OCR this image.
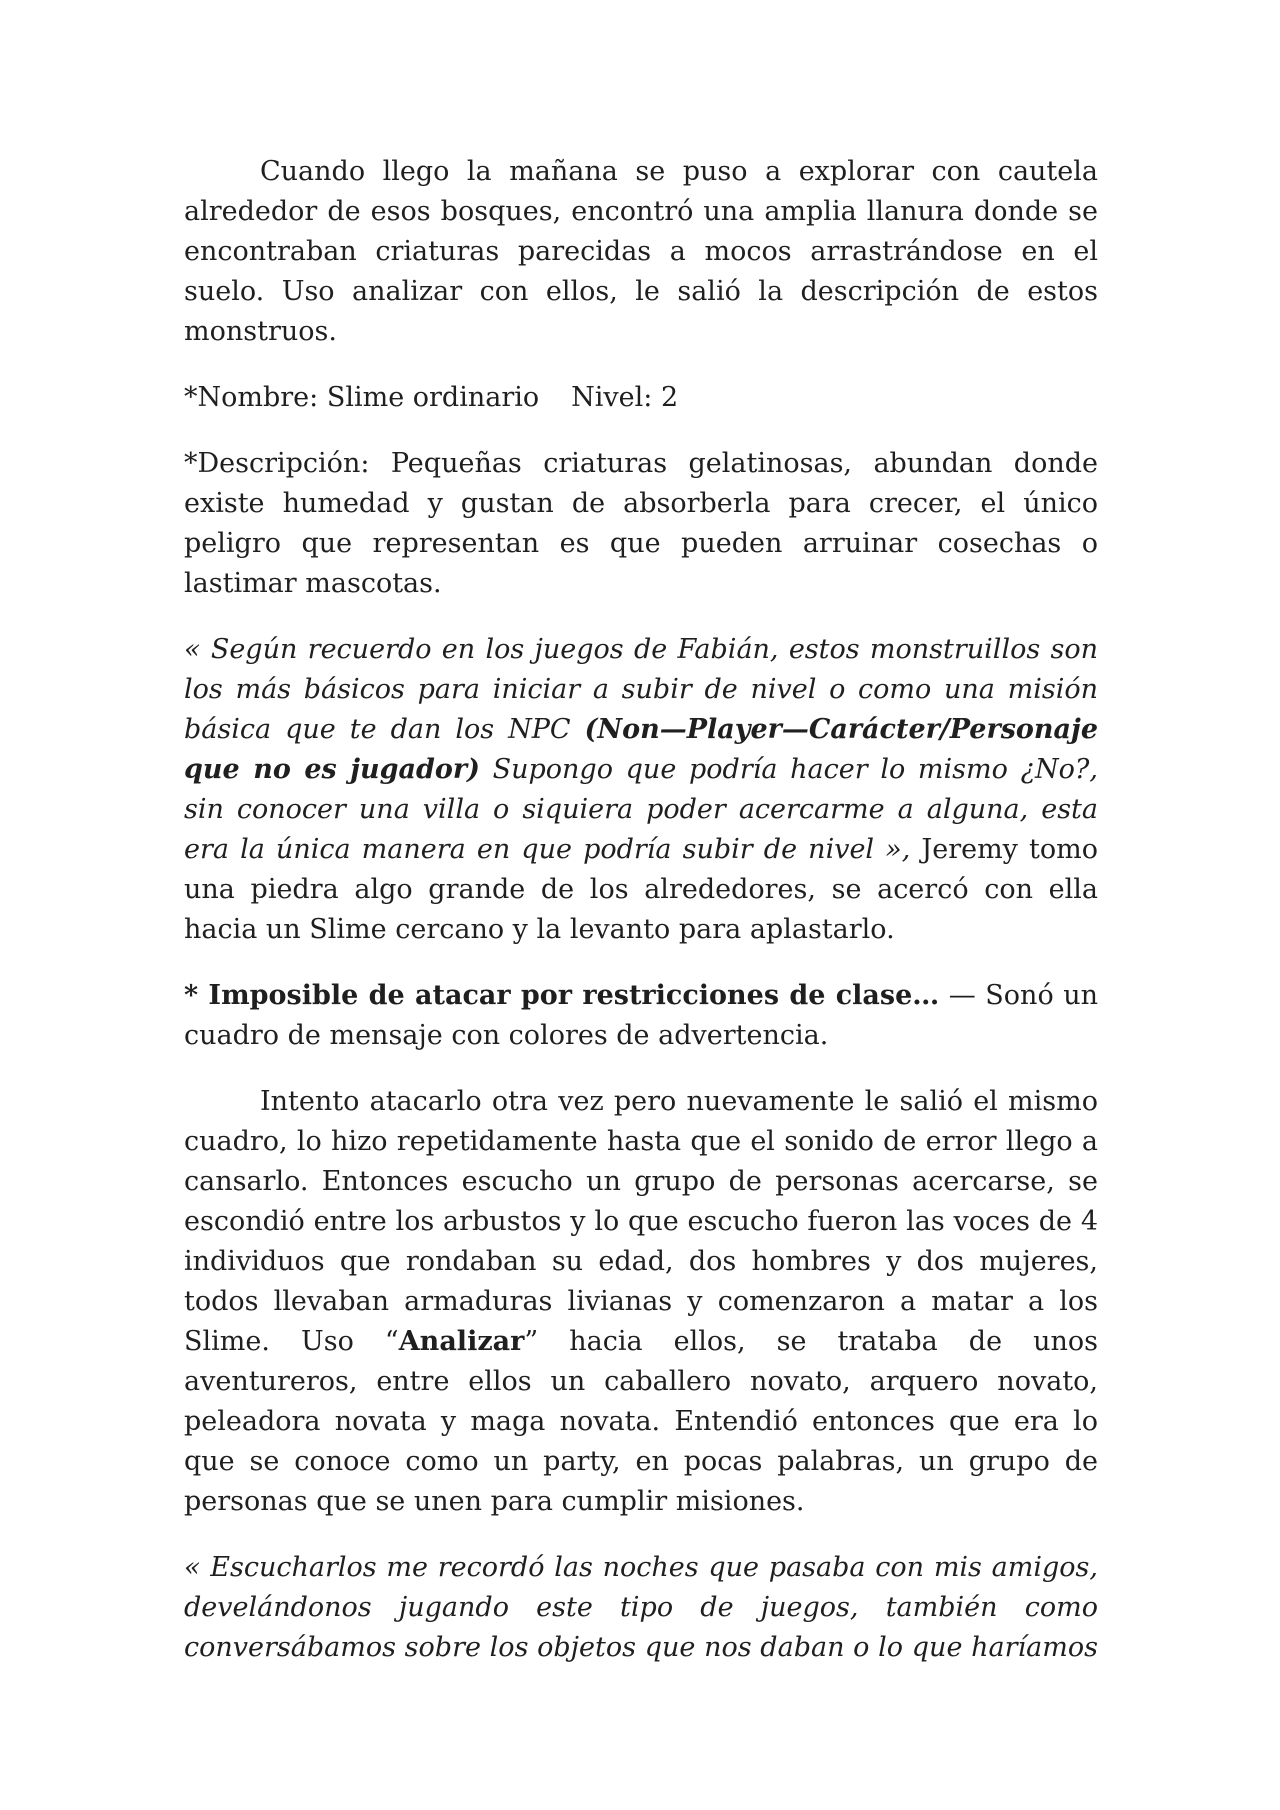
Cuando llego la mañana se puso a explorar con cautela alrededor de esos bosques, encontró una amplia llanura donde se encontraban criaturas parecidas a mocos arrastrándose en el suelo. Uso analizar con ellos, le salió la descripción de estos monstruos.

*Nombre: Slime ordinario Nivel: 2

*Descripción: Pequeñas criaturas gelatinosas, abundan donde existe humedad y gustan de absorberla para crecer, el único peligro que representan es que pueden arruinar cosechas o lastimar mascotas.

« Según recuerdo en los juegos de Fabián, estos monstruillos son los más básicos para iniciar a subir de nivel o como una misión básica que te dan los NPC (Non—Player—Carácter/Personaje que no es jugador) Supongo que podría hacer lo mismo ¿No?, sin conocer una villa o siquiera poder acercarme a alguna, esta era la única manera en que podría subir de nivel », Jeremy tomo una piedra algo grande de los alrededores, se acercó con ella hacia un Slime cercano y la levanto para aplastarlo.

* Imposible de atacar por restricciones de clase… — Sonó un cuadro de mensaje con colores de advertencia.

Intento atacarlo otra vez pero nuevamente le salió el mismo cuadro, lo hizo repetidamente hasta que el sonido de error llego a cansarlo. Entonces escucho un grupo de personas acercarse, se escondió entre los arbustos y lo que escucho fueron las voces de 4 individuos que rondaban su edad, dos hombres y dos mujeres, todos llevaban armaduras livianas y comenzaron a matar a los Slime. Uso “Analizar” hacia ellos, se trataba de unos aventureros, entre ellos un caballero novato, arquero novato, peleadora novata y maga novata. Entendió entonces que era lo que se conoce como un party, en pocas palabras, un grupo de personas que se unen para cumplir misiones.

« Escucharlos me recordó las noches que pasaba con mis amigos, develándonos jugando este tipo de juegos, también como conversábamos sobre los objetos que nos daban o lo que haríamos
